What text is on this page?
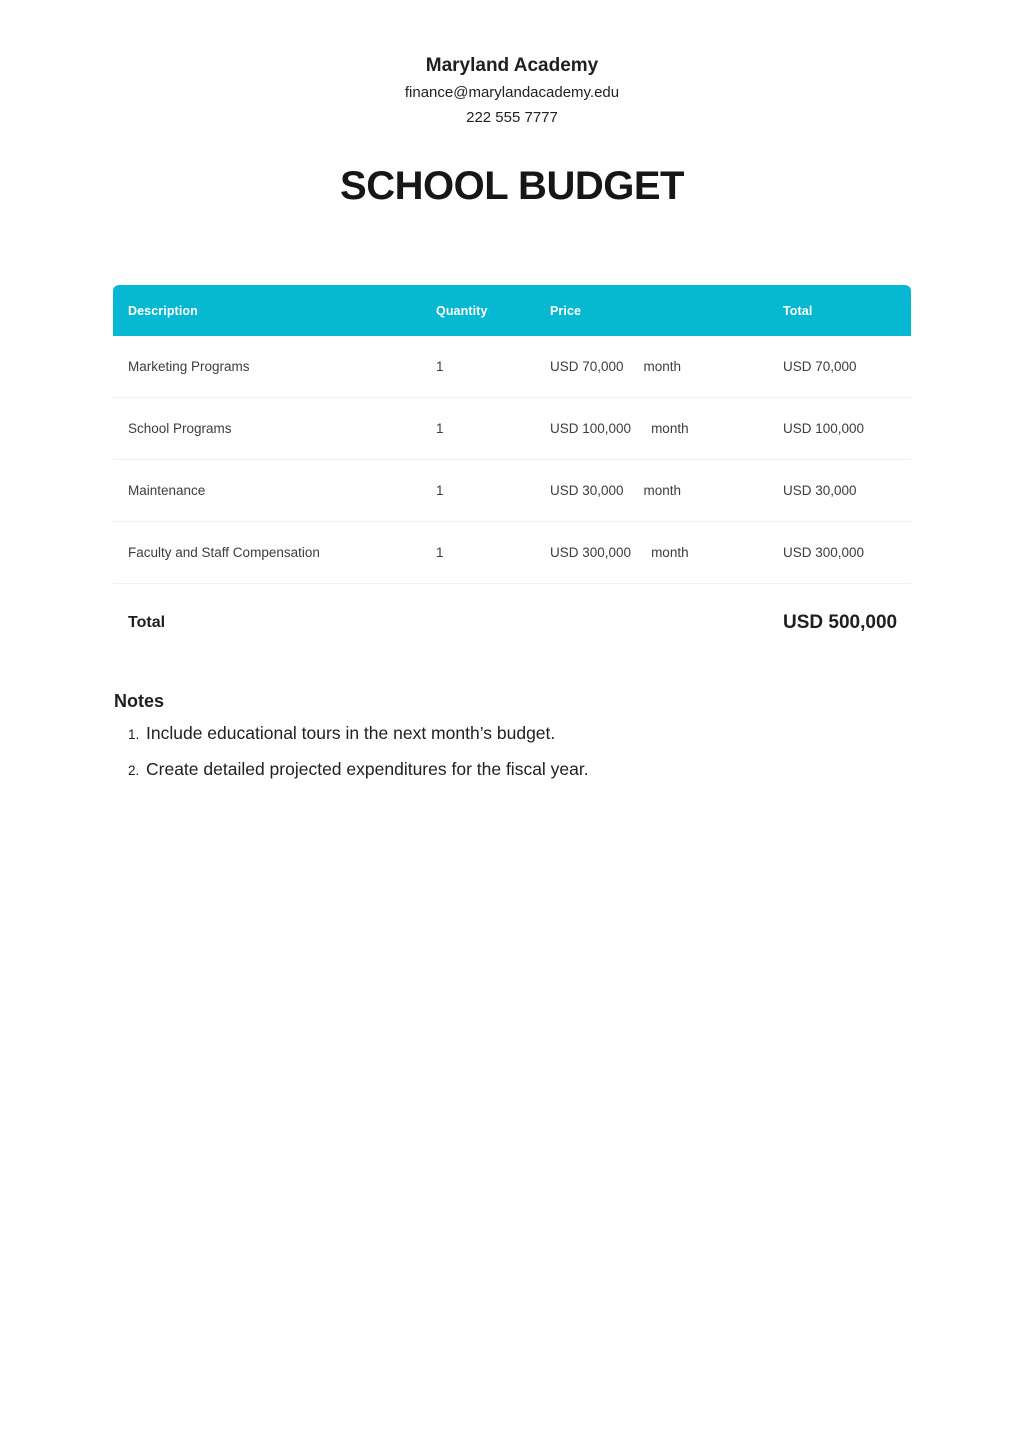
Maryland Academy
finance@marylandacademy.edu
222 555 7777
SCHOOL BUDGET
Description	Quantity	Price	Total
Marketing Programs	1	USD 70,000 month	USD 70,000
School Programs	1	USD 100,000 month	USD 100,000
Maintenance	1	USD 30,000 month	USD 30,000
Faculty and Staff Compensation	1	USD 300,000 month	USD 300,000
Total	USD 500,000
Notes
1. Include educational tours in the next month’s budget.
2. Create detailed projected expenditures for the fiscal year.
